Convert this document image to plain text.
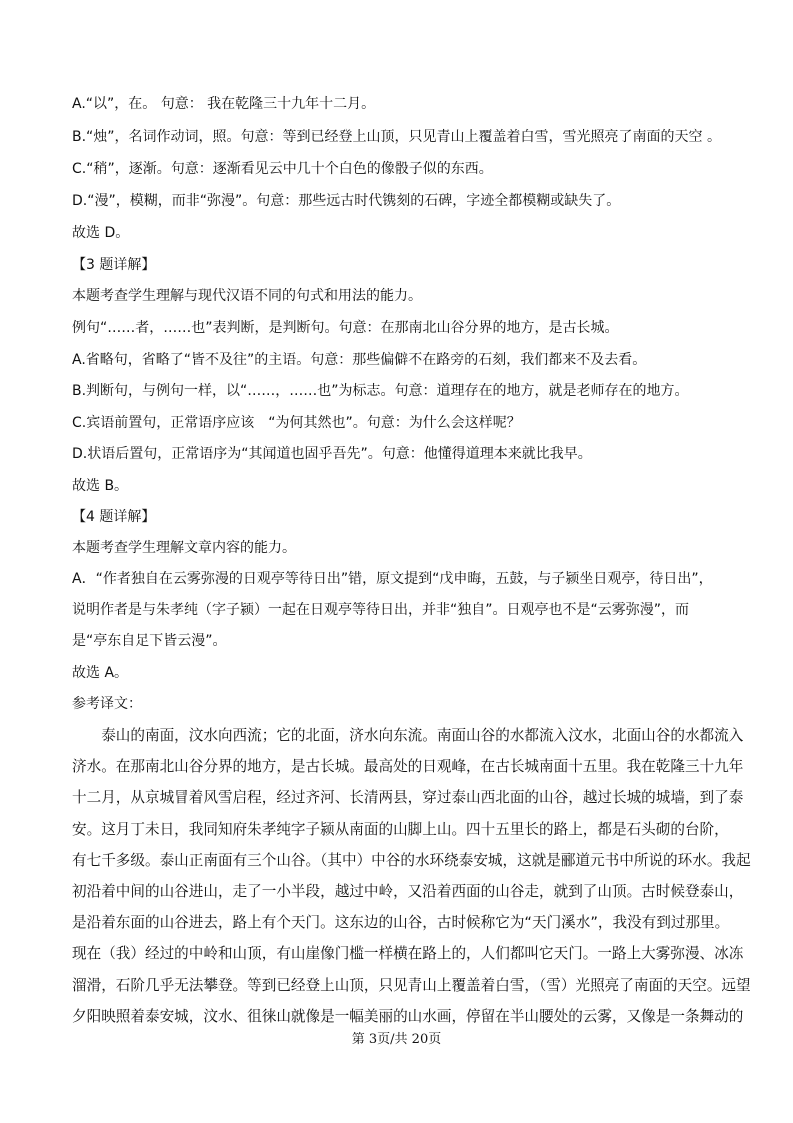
A.“以”，在。 句意： 我在乾隆三十九年十二月。
B.“烛”，名词作动词，照。句意：等到已经登上山顶，只见青山上覆盖着白雪，雪光照亮了南面的天空 。
C.“稍”，逐渐。句意：逐渐看见云中几十个白色的像骰子似的东西。
D.“漫”，模糊，而非“弥漫”。句意：那些远古时代镌刻的石碑，字迹全都模糊或缺失了。
故选 D。
【3 题详解】
本题考查学生理解与现代汉语不同的句式和用法的能力。
例句“……者，……也”表判断，是判断句。句意：在那南北山谷分界的地方，是古长城。
A.省略句，省略了“皆不及往”的主语。句意：那些偏僻不在路旁的石刻，我们都来不及去看。
B.判断句，与例句一样，以“……，……也”为标志。句意：道理存在的地方，就是老师存在的地方。
C.宾语前置句，正常语序应该　“为何其然也”。句意：为什么会这样呢？
D.状语后置句，正常语序为“其闻道也固乎吾先”。句意：他懂得道理本来就比我早。
故选 B。
【4 题详解】
本题考查学生理解文章内容的能力。
A．“作者独自在云雾弥漫的日观亭等待日出”错，原文提到“戊申晦，五鼓，与子颍坐日观亭，待日出”，
说明作者是与朱孝纯（字子颍）一起在日观亭等待日出，并非“独自”。日观亭也不是“云雾弥漫”，而
是“亭东自足下皆云漫”。
故选 A。
参考译文：
　　泰山的南面，汶水向西流；它的北面，济水向东流。南面山谷的水都流入汶水，北面山谷的水都流入
济水。在那南北山谷分界的地方，是古长城。最高处的日观峰，在古长城南面十五里。我在乾隆三十九年
十二月，从京城冒着风雪启程，经过齐河、长清两县，穿过泰山西北面的山谷，越过长城的城墙，到了泰
安。这月丁未日，我同知府朱孝纯字子颍从南面的山脚上山。四十五里长的路上，都是石头砌的台阶，
有七千多级。泰山正南面有三个山谷。（其中）中谷的水环绕泰安城，这就是郦道元书中所说的环水。我起
初沿着中间的山谷进山，走了一小半段，越过中岭，又沿着西面的山谷走，就到了山顶。古时候登泰山，
是沿着东面的山谷进去，路上有个天门。这东边的山谷，古时候称它为“天门溪水”，我没有到过那里。
现在（我）经过的中岭和山顶，有山崖像门槛一样横在路上的，人们都叫它天门。一路上大雾弥漫、冰冻
溜滑，石阶几乎无法攀登。等到已经登上山顶，只见青山上覆盖着白雪，（雪）光照亮了南面的天空。远望
夕阳映照着泰安城，汶水、徂徕山就像是一幅美丽的山水画，停留在半山腰处的云雾，又像是一条舞动的
第 3页/共 20页
